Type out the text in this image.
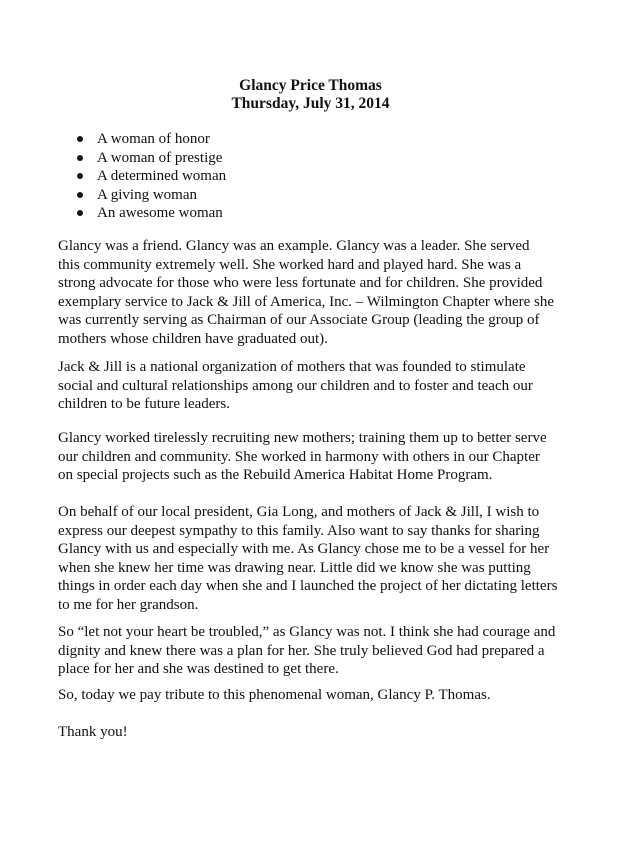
Glancy Price Thomas
Thursday, July 31, 2014
A woman of honor
A woman of prestige
A determined woman
A giving woman
An awesome woman

Glancy was a friend. Glancy was an example. Glancy was a leader. She served
this community extremely well. She worked hard and played hard. She was a
strong advocate for those who were less fortunate and for children. She provided
exemplary service to Jack & Jill of America, Inc. – Wilmington Chapter where she
was currently serving as Chairman of our Associate Group (leading the group of
mothers whose children have graduated out).

Jack & Jill is a national organization of mothers that was founded to stimulate
social and cultural relationships among our children and to foster and teach our
children to be future leaders.

Glancy worked tirelessly recruiting new mothers; training them up to better serve
our children and community. She worked in harmony with others in our Chapter
on special projects such as the Rebuild America Habitat Home Program.

On behalf of our local president, Gia Long, and mothers of Jack & Jill, I wish to
express our deepest sympathy to this family. Also want to say thanks for sharing
Glancy with us and especially with me. As Glancy chose me to be a vessel for her
when she knew her time was drawing near. Little did we know she was putting
things in order each day when she and I launched the project of her dictating letters
to me for her grandson.

So “let not your heart be troubled,” as Glancy was not. I think she had courage and
dignity and knew there was a plan for her. She truly believed God had prepared a
place for her and she was destined to get there.

So, today we pay tribute to this phenomenal woman, Glancy P. Thomas.

Thank you!
